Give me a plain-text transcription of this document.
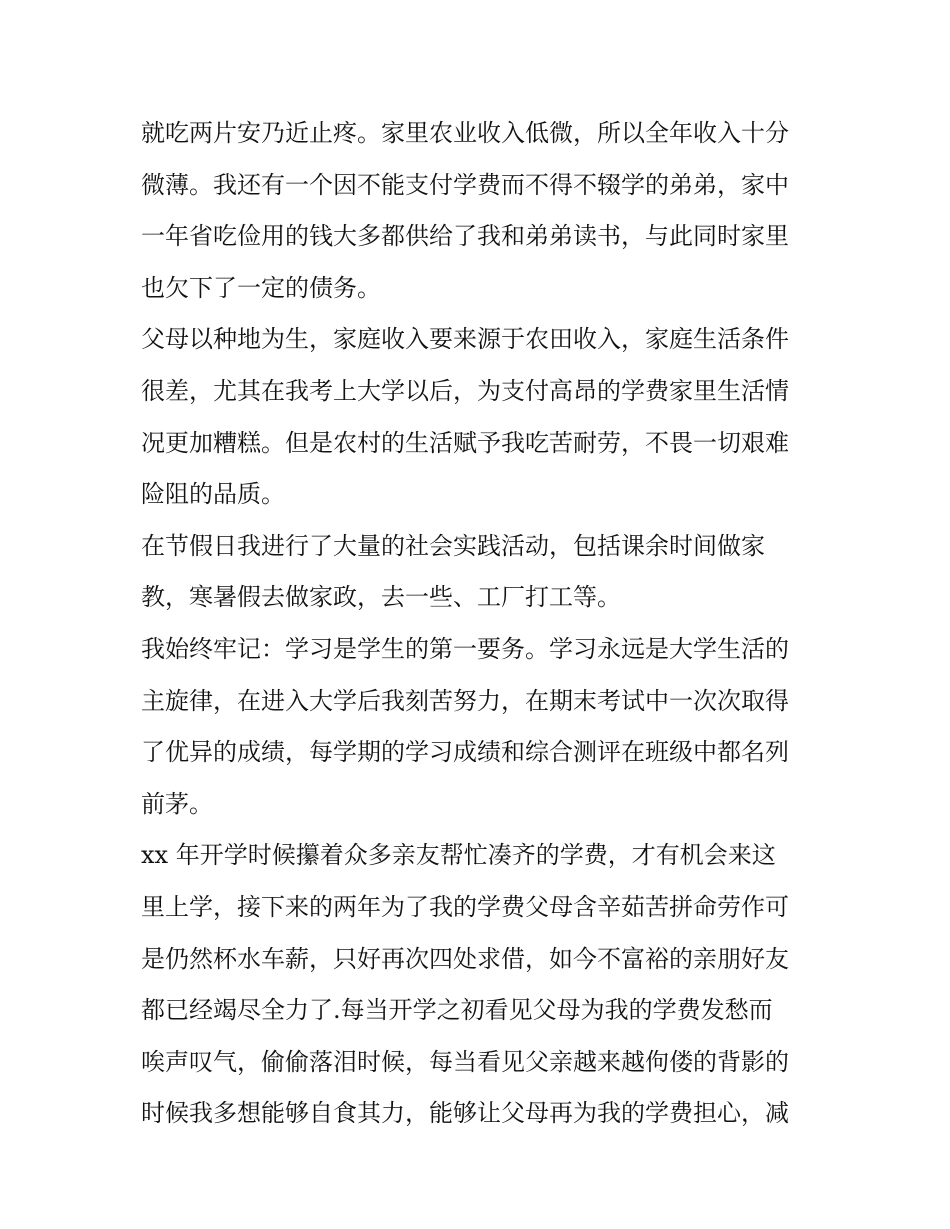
就吃两片安乃近止疼。家里农业收入低微，所以全年收入十分
微薄。我还有一个因不能支付学费而不得不辍学的弟弟，家中
一年省吃俭用的钱大多都供给了我和弟弟读书，与此同时家里
也欠下了一定的债务。
父母以种地为生，家庭收入要来源于农田收入，家庭生活条件
很差，尤其在我考上大学以后，为支付高昂的学费家里生活情
况更加糟糕。但是农村的生活赋予我吃苦耐劳，不畏一切艰难
险阻的品质。
在节假日我进行了大量的社会实践活动，包括课余时间做家
教，寒暑假去做家政，去一些、工厂打工等。
我始终牢记：学习是学生的第一要务。学习永远是大学生活的
主旋律，在进入大学后我刻苦努力，在期末考试中一次次取得
了优异的成绩，每学期的学习成绩和综合测评在班级中都名列
前茅。
xx 年开学时候攥着众多亲友帮忙凑齐的学费，才有机会来这
里上学，接下来的两年为了我的学费父母含辛茹苦拼命劳作可
是仍然杯水车薪，只好再次四处求借，如今不富裕的亲朋好友
都已经竭尽全力了.每当开学之初看见父母为我的学费发愁而
唉声叹气，偷偷落泪时候，每当看见父亲越来越佝偻的背影的
时候我多想能够自食其力，能够让父母再为我的学费担心，减
